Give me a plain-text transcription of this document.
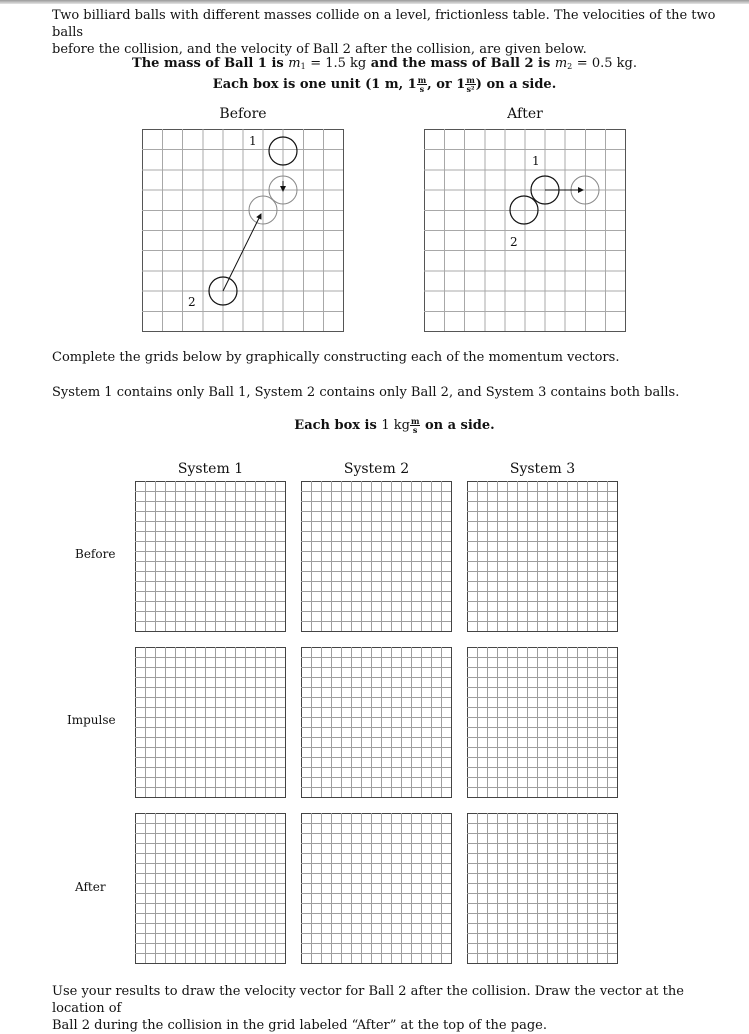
Two billiard balls with different masses collide on a level, frictionless table. The velocities of the two balls
before the collision, and the velocity of Ball 2 after the collision, are given below.
The mass of Ball 1 is $m_1 = 1.5$ kg and the mass of Ball 2 is $m_2 = 0.5$ kg.
Each box is one unit (1 m, $1 \frac{m}{s}$ , or $1 \frac{m}{\text{s²}}$ ) on a side.
Before	After
1
2
1
2
Complete the grids below by graphically constructing each of the momentum vectors.
System 1 contains only Ball 1, System 2 contains only Ball 2, and System 3 contains both balls.
Each box is 1 kg $\frac{m}{s}$ on a side.
System 1	System 2	System 3
Before
Impulse
After
Use your results to draw the velocity vector for Ball 2 after the collision. Draw the vector at the location of
Ball 2 during the collision in the grid labeled “After” at the top of the page.
